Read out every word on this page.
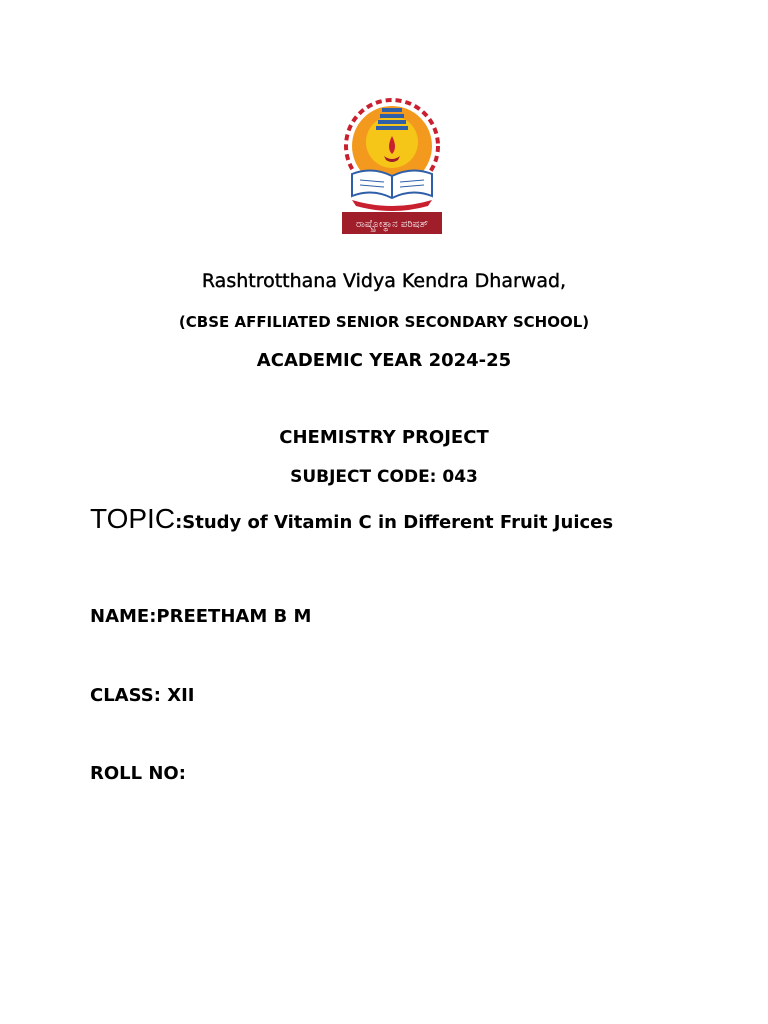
ರಾಷ್ಟ್ರೋತ್ಥಾನ ಪರಿಷತ್
Rashtrotthana Vidya Kendra Dharwad,
(CBSE AFFILIATED SENIOR SECONDARY SCHOOL)
ACADEMIC YEAR 2024-25
CHEMISTRY PROJECT
SUBJECT CODE: 043
TOPIC:Study of Vitamin C in Different Fruit Juices
NAME:PREETHAM B M
CLASS: XII
ROLL NO:
